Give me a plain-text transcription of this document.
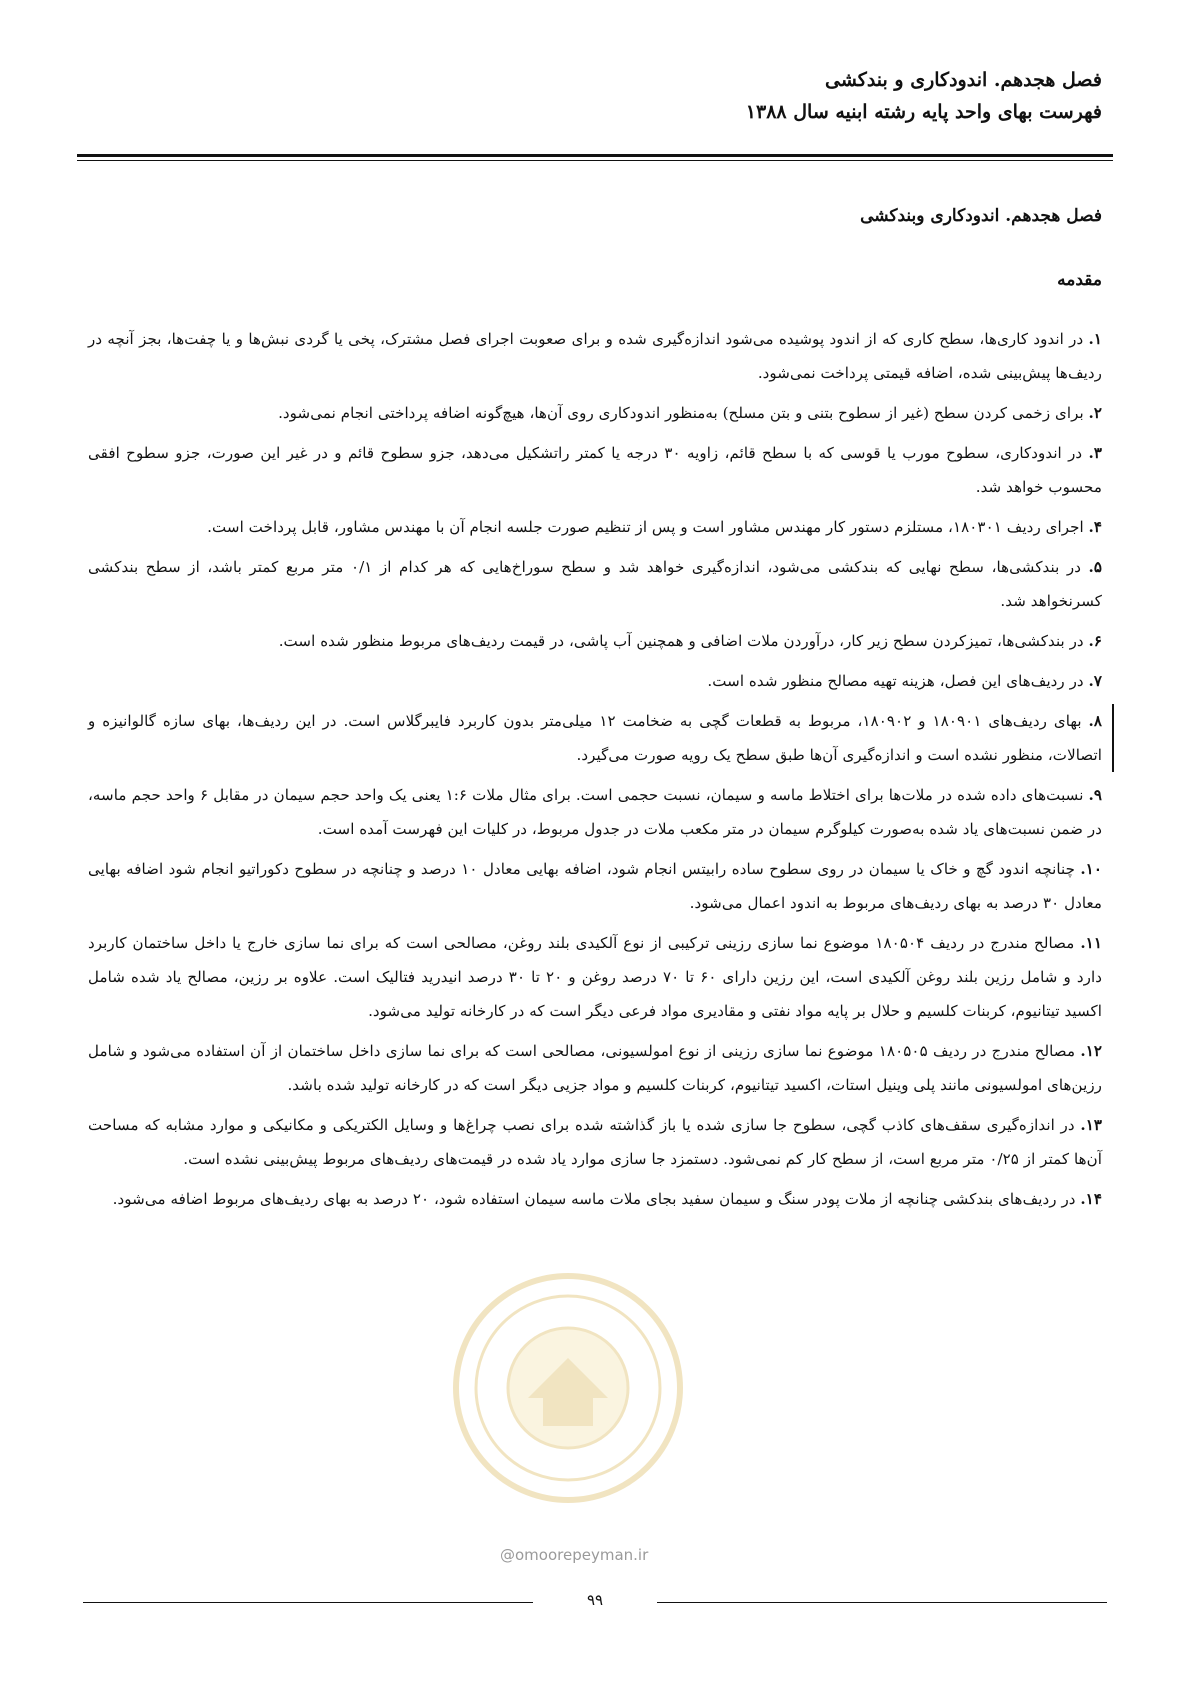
فصل هجدهم. اندودکاری و بندکشی
فهرست بهای واحد پایه رشته ابنیه سال ۱۳۸۸
فصل هجدهم. اندودکاری وبندکشی
مقدمه

۱. در اندود کاری‌ها، سطح کاری که از اندود پوشیده می‌شود اندازه‌گیری شده و برای صعوبت اجرای فصل مشترک، پخی یا گردی نبش‌ها و یا چفت‌ها، بجز آنچه در ردیف‌ها پیش‌بینی شده، اضافه قیمتی پرداخت نمی‌شود.

۲. برای زخمی کردن سطح (غیر از سطوح بتنی و بتن مسلح) به‌منظور اندودکاری روی آن‌ها، هیچ‌گونه اضافه پرداختی انجام نمی‌شود.

۳. در اندودکاری، سطوح مورب یا قوسی که با سطح قائم، زاویه ۳۰ درجه یا کمتر راتشکیل می‌دهد، جزو سطوح قائم و در غیر این صورت، جزو سطوح افقی محسوب خواهد شد.

۴. اجرای ردیف ۱۸۰۳۰۱، مستلزم دستور کار مهندس مشاور است و پس از تنظیم صورت جلسه انجام آن با مهندس مشاور، قابل پرداخت است.

۵. در بندکشی‌ها، سطح نهایی که بندکشی می‌شود، اندازه‌گیری خواهد شد و سطح سوراخ‌هایی که هر کدام از ۰/۱ متر مربع کمتر باشد، از سطح بندکشی کسرنخواهد شد.

۶. در بندکشی‌ها، تمیزکردن سطح زیر کار، درآوردن ملات اضافی و همچنین آب پاشی، در قیمت ردیف‌های مربوط منظور شده است.

۷. در ردیف‌های این فصل، هزینه تهیه مصالح منظور شده است.

۸. بهای ردیف‌های ۱۸۰۹۰۱ و ۱۸۰۹۰۲، مربوط به قطعات گچی به ضخامت ۱۲ میلی‌متر بدون کاربرد فایبرگلاس است. در این ردیف‌ها، بهای سازه گالوانیزه و اتصالات، منظور نشده است و اندازه‌گیری آن‌ها طبق سطح یک رویه صورت می‌گیرد.

۹. نسبت‌های داده شده در ملات‌ها برای اختلاط ماسه و سیمان، نسبت حجمی است. برای مثال ملات ۱:۶ یعنی یک واحد حجم سیمان در مقابل ۶ واحد حجم ماسه، در ضمن نسبت‌های یاد شده به‌صورت کیلوگرم سیمان در متر مکعب ملات در جدول مربوط، در کلیات این فهرست آمده است.

۱۰. چنانچه اندود گچ و خاک یا سیمان در روی سطوح ساده رابیتس انجام شود، اضافه بهایی معادل ۱۰ درصد و چنانچه در سطوح دکوراتیو انجام شود اضافه بهایی معادل ۳۰ درصد به بهای ردیف‌های مربوط به اندود اعمال می‌شود.

۱۱. مصالح مندرج در ردیف ۱۸۰۵۰۴ موضوع نما سازی رزینی ترکیبی از نوع آلکیدی بلند روغن، مصالحی است که برای نما سازی خارج یا داخل ساختمان کاربرد دارد و شامل رزین بلند روغن آلکیدی است، این رزین دارای ۶۰ تا ۷۰ درصد روغن و ۲۰ تا ۳۰ درصد انیدرید فتالیک است. علاوه بر رزین، مصالح یاد شده شامل اکسید تیتانیوم، کربنات کلسیم و حلال بر پایه مواد نفتی و مقادیری مواد فرعی دیگر است که در کارخانه تولید می‌شود.

۱۲. مصالح مندرج در ردیف ۱۸۰۵۰۵ موضوع نما سازی رزینی از نوع امولسیونی، مصالحی است که برای نما سازی داخل ساختمان از آن استفاده می‌شود و شامل رزین‌های امولسیونی مانند پلی وینیل استات، اکسید تیتانیوم، کربنات کلسیم و مواد جزیی دیگر است که در کارخانه تولید شده باشد.

۱۳. در اندازه‌گیری سقف‌های کاذب گچی، سطوح جا سازی شده یا باز گذاشته شده برای نصب چراغ‌ها و وسایل الکتریکی و مکانیکی و موارد مشابه که مساحت آن‌ها کمتر از ۰/۲۵ متر مربع است، از سطح کار کم نمی‌شود. دستمزد جا سازی موارد یاد شده در قیمت‌های ردیف‌های مربوط پیش‌بینی نشده است.

۱۴. در ردیف‌های بندکشی چنانچه از ملات پودر سنگ و سیمان سفید بجای ملات ماسه سیمان استفاده شود، ۲۰ درصد به بهای ردیف‌های مربوط اضافه می‌شود.

@omoorepeyman.ir
۹۹
